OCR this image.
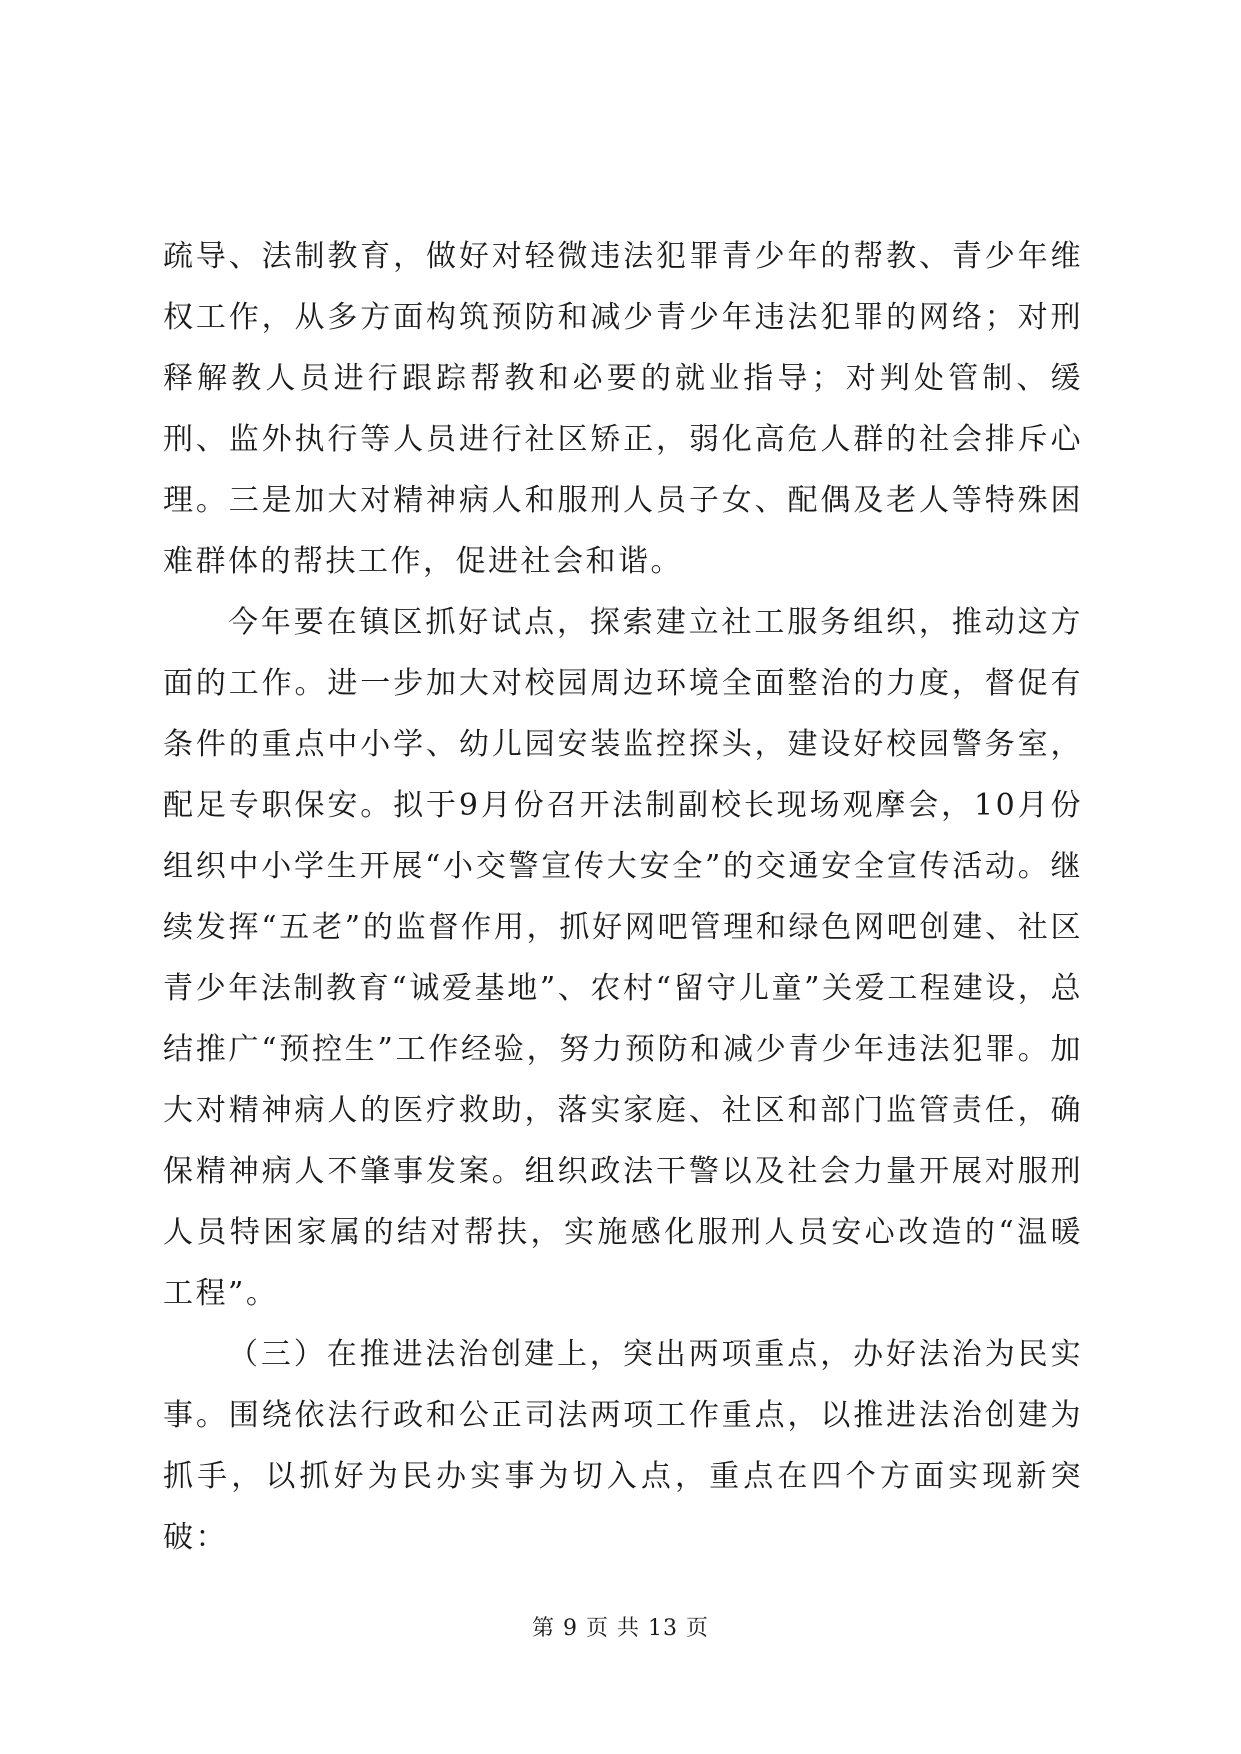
疏导、法制教育，做好对轻微违法犯罪青少年的帮教、青少年维权工作，从多方面构筑预防和减少青少年违法犯罪的网络；对刑释解教人员进行跟踪帮教和必要的就业指导；对判处管制、缓刑、监外执行等人员进行社区矫正，弱化高危人群的社会排斥心理。三是加大对精神病人和服刑人员子女、配偶及老人等特殊困难群体的帮扶工作，促进社会和谐。

今年要在镇区抓好试点，探索建立社工服务组织，推动这方面的工作。进一步加大对校园周边环境全面整治的力度，督促有条件的重点中小学、幼儿园安装监控探头，建设好校园警务室，配足专职保安。拟于9月份召开法制副校长现场观摩会，10月份组织中小学生开展“小交警宣传大安全”的交通安全宣传活动。继续发挥“五老”的监督作用，抓好网吧管理和绿色网吧创建、社区青少年法制教育“诚爱基地”、农村“留守儿童”关爱工程建设，总结推广“预控生”工作经验，努力预防和减少青少年违法犯罪。加大对精神病人的医疗救助，落实家庭、社区和部门监管责任，确保精神病人不肇事发案。组织政法干警以及社会力量开展对服刑人员特困家属的结对帮扶，实施感化服刑人员安心改造的“温暖工程”。

（三）在推进法治创建上，突出两项重点，办好法治为民实事。围绕依法行政和公正司法两项工作重点，以推进法治创建为抓手，以抓好为民办实事为切入点，重点在四个方面实现新突破：

第 9 页 共 13 页
